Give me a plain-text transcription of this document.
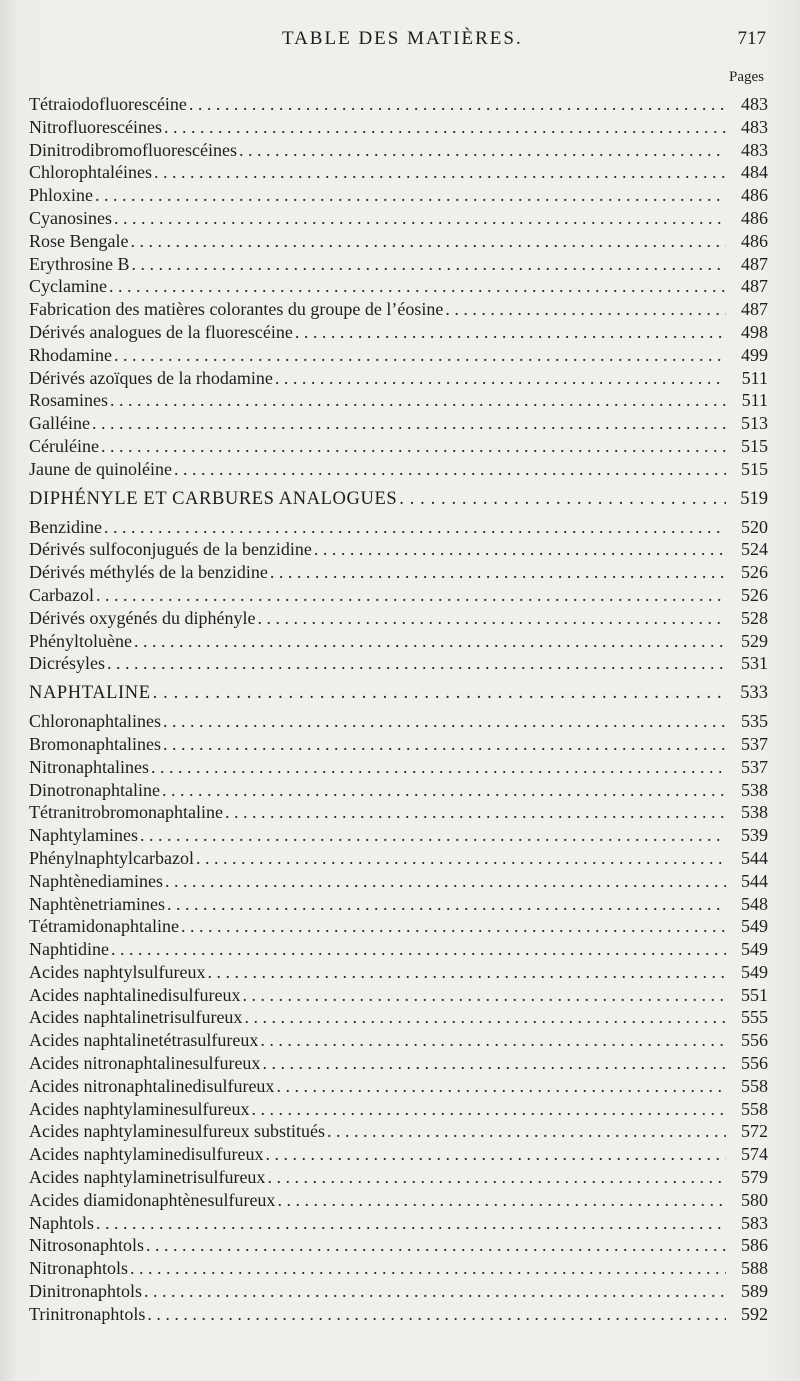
TABLE DES MATIÈRES.	717
Pages
Tétraiodofluorescéine . . .	483
Nitrofluorescéines . . .	483
Dinitrodibromofluorescéines . . .	483
Chlorophtaléines . . .	484
Phloxine . . .	486
Cyanosines . . .	486
Rose Bengale . . .	486
Erythrosine B . . .	487
Cyclamine . . .	487
Fabrication des matières colorantes du groupe de l’éosine . . .	487
Dérivés analogues de la fluorescéine . . .	498
Rhodamine . . .	499
Dérivés azoïques de la rhodamine . . .	511
Rosamines . . .	511
Galléine . . .	513
Céruléine . . .	515
Jaune de quinoléine . . .	515
DIPHÉNYLE ET CARBURES ANALOGUES . . .	519
Benzidine . . .	520
Dérivés sulfoconjugués de la benzidine . . .	524
Dérivés méthylés de la benzidine . . .	526
Carbazol . . .	526
Dérivés oxygénés du diphényle . . .	528
Phényltoluène . . .	529
Dicrésyles . . .	531
NAPHTALINE . . .	533
Chloronaphtalines . . .	535
Bromonaphtalines . . .	537
Nitronaphtalines . . .	537
Dinotronaphtaline . . .	538
Tétranitrobromonaphtaline . . .	538
Naphtylamines . . .	539
Phénylnaphtylcarbazol . . .	544
Naphtènediamines . . .	544
Naphtènetriamines . . .	548
Tétramidonaphtaline . . .	549
Naphtidine . . .	549
Acides naphtylsulfureux . . .	549
Acides naphtalinedisulfureux . . .	551
Acides naphtalinetrisulfureux . . .	555
Acides naphtalinetétrasulfureux . . .	556
Acides nitronaphtalinesulfureux . . .	556
Acides nitronaphtalinedisulfureux . . .	558
Acides naphtylaminesulfureux . . .	558
Acides naphtylaminesulfureux substitués . . .	572
Acides naphtylaminedisulfureux . . .	574
Acides naphtylaminetrisulfureux . . .	579
Acides diamidonaphtènesulfureux . . .	580
Naphtols . . .	583
Nitrosonaphtols . . .	586
Nitronaphtols . . .	588
Dinitronaphtols . . .	589
Trinitronaphtols . . .	592
